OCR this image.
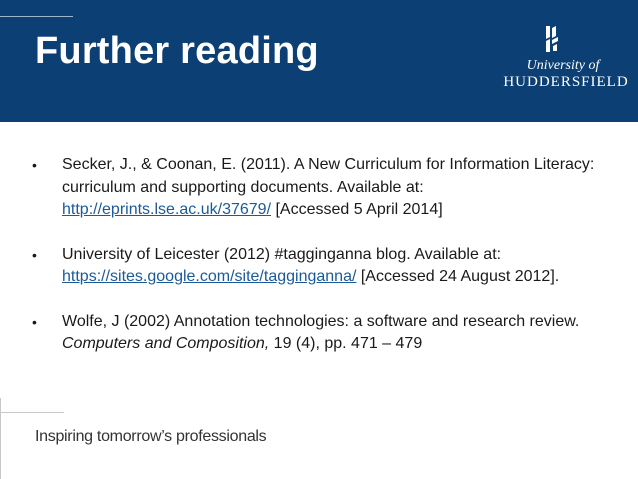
Further reading	University of
HUDDERSFIELD
• Secker, J., & Coonan, E. (2011). A New Curriculum for Information Literacy: curriculum and supporting documents. Available at: http://eprints.lse.ac.uk/37679/ [Accessed 5 April 2014]
• University of Leicester (2012) #tagginganna blog. Available at: https://sites.google.com/site/tagginganna/ [Accessed 24 August 2012].
• Wolfe, J (2002) Annotation technologies: a software and research review. Computers and Composition, 19 (4), pp. 471 – 479
Inspiring tomorrow’s professionals
